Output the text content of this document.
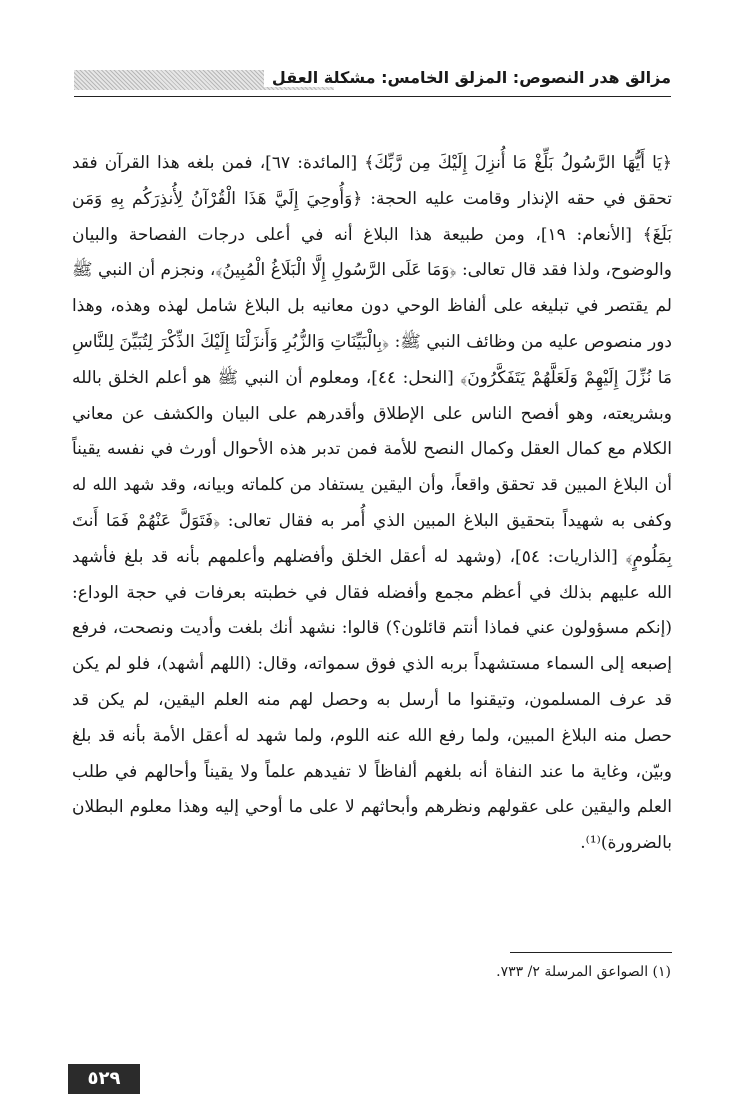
مزالق هدر النصوص: المزلق الخامس: مشكلة العقل

﴿يَا أَيُّهَا الرَّسُولُ بَلِّغْ مَا أُنزِلَ إِلَيْكَ مِن رَّبِّكَ﴾ [المائدة: ٦٧]، فمن بلغه هذا القرآن فقد تحقق في حقه الإنذار وقامت عليه الحجة: ﴿وَأُوحِيَ إِلَيَّ هَذَا الْقُرْآنُ لِأُنذِرَكُم بِهِ وَمَن بَلَغَ﴾ [الأنعام: ١٩]، ومن طبيعة هذا البلاغ أنه في أعلى درجات الفصاحة والبيان والوضوح، ولذا فقد قال تعالى: ﴿وَمَا عَلَى الرَّسُولِ إِلَّا الْبَلَاغُ الْمُبِينُ﴾، ونجزم أن النبي ﷺ لم يقتصر في تبليغه على ألفاظ الوحي دون معانيه بل البلاغ شامل لهذه وهذه، وهذا دور منصوص عليه من وظائف النبي ﷺ: ﴿بِالْبَيِّنَاتِ وَالزُّبُرِ وَأَنزَلْنَا إِلَيْكَ الذِّكْرَ لِتُبَيِّنَ لِلنَّاسِ مَا نُزِّلَ إِلَيْهِمْ وَلَعَلَّهُمْ يَتَفَكَّرُونَ﴾ [النحل: ٤٤]، ومعلوم أن النبي ﷺ هو أعلم الخلق بالله وبشريعته، وهو أفصح الناس على الإطلاق وأقدرهم على البيان والكشف عن معاني الكلام مع كمال العقل وكمال النصح للأمة فمن تدبر هذه الأحوال أورث في نفسه يقيناً أن البلاغ المبين قد تحقق واقعاً، وأن اليقين يستفاد من كلماته وبيانه، وقد شهد الله له وكفى به شهيداً بتحقيق البلاغ المبين الذي أُمر به فقال تعالى: ﴿فَتَوَلَّ عَنْهُمْ فَمَا أَنتَ بِمَلُومٍ﴾ [الذاريات: ٥٤]، (وشهد له أعقل الخلق وأفضلهم وأعلمهم بأنه قد بلغ فأشهد الله عليهم بذلك في أعظم مجمع وأفضله فقال في خطبته بعرفات في حجة الوداع: (إنكم مسؤولون عني فماذا أنتم قائلون؟) قالوا: نشهد أنك بلغت وأديت ونصحت، فرفع إصبعه إلى السماء مستشهداً بربه الذي فوق سمواته، وقال: (اللهم أشهد)، فلو لم يكن قد عرف المسلمون، وتيقنوا ما أرسل به وحصل لهم منه العلم اليقين، لم يكن قد حصل منه البلاغ المبين، ولما رفع الله عنه اللوم، ولما شهد له أعقل الأمة بأنه قد بلغ وبيّن، وغاية ما عند النفاة أنه بلغهم ألفاظاً لا تفيدهم علماً ولا يقيناً وأحالهم في طلب العلم واليقين على عقولهم ونظرهم وأبحاثهم لا على ما أوحي إليه وهذا معلوم البطلان بالضرورة)⁽¹⁾.

(١) الصواعق المرسلة ٢/ ٧٣٣.
٥٢٩
